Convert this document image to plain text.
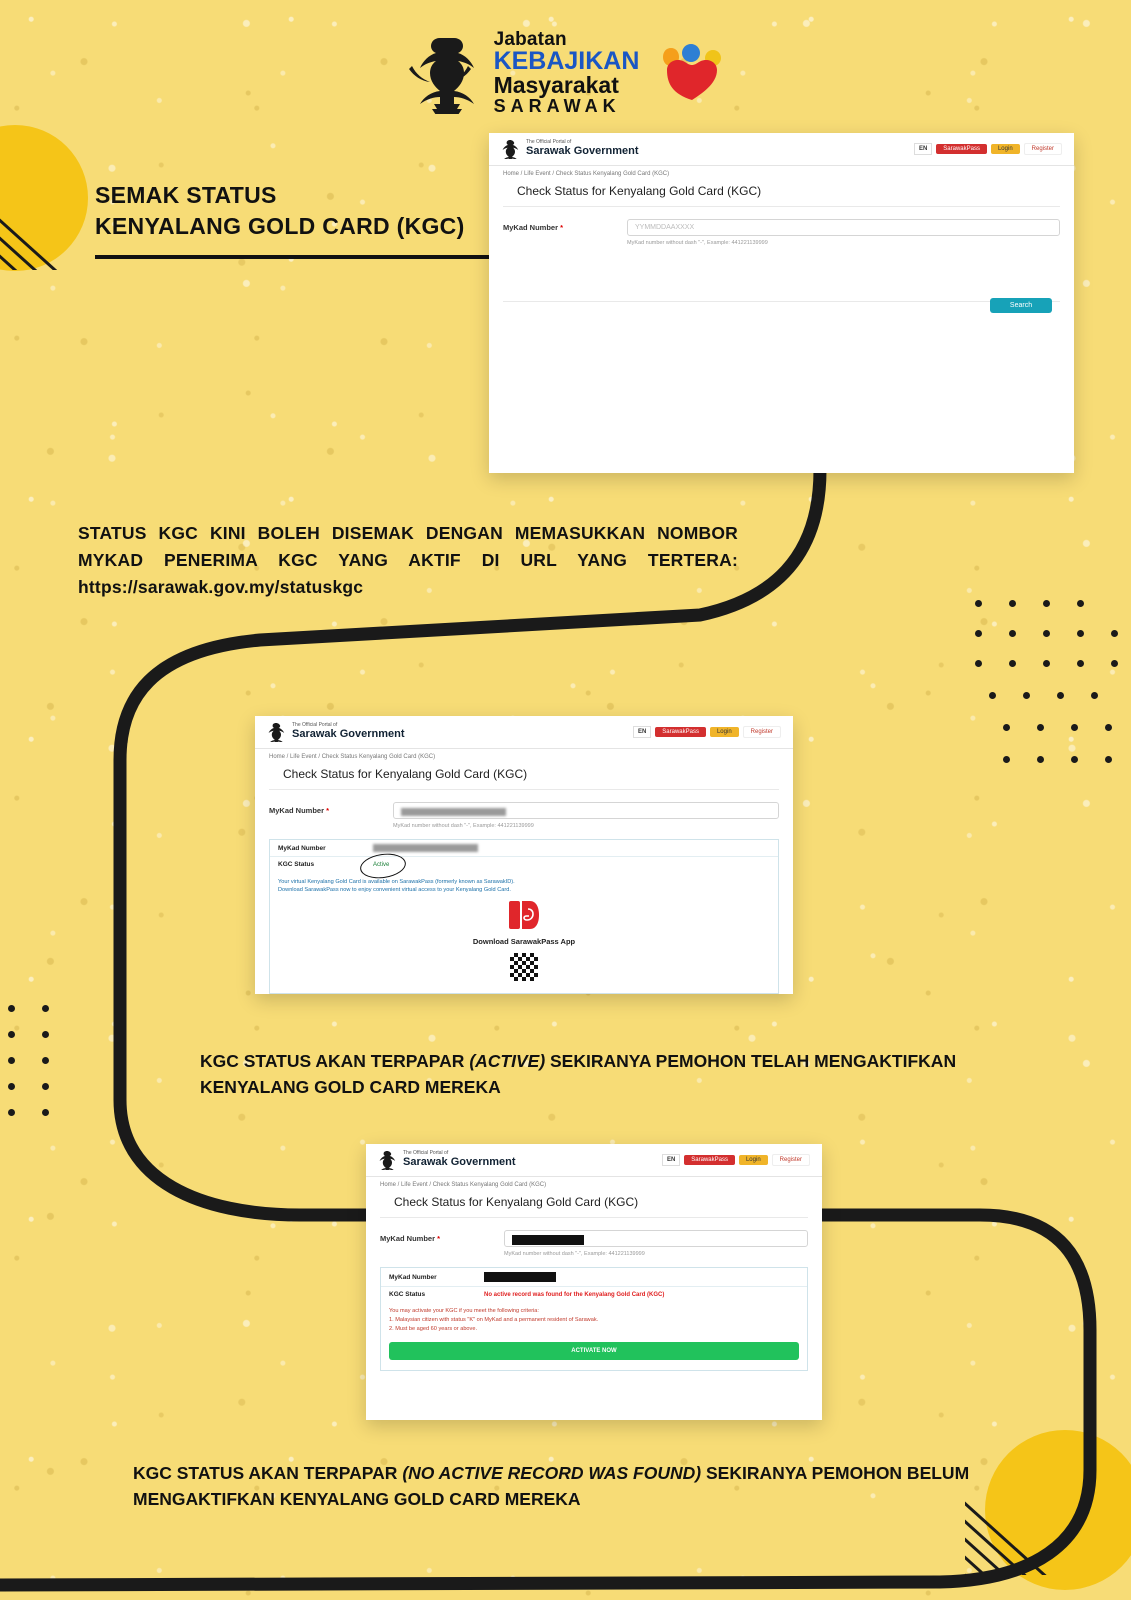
Jabatan
KEBAJIKAN
Masyarakat
SARAWAK
SEMAK STATUS
KENYALANG GOLD CARD (KGC)
The Official Portal of
Sarawak Government	EN	SarawakPass	Login	Register
Home / Life Event / Check Status Kenyalang Gold Card (KGC)
Check Status for Kenyalang Gold Card (KGC)
MyKad Number *	YYMMDDAAXXXX
MyKad number without dash "-", Example: 441221139999
Search
STATUS KGC KINI BOLEH DISEMAK DENGAN MEMASUKKAN NOMBOR MYKAD PENERIMA KGC YANG AKTIF DI URL YANG TERTERA: https://sarawak.gov.my/statuskgc
The Official Portal of
Sarawak Government	EN	SarawakPass	Login	Register
Home / Life Event / Check Status Kenyalang Gold Card (KGC)
Check Status for Kenyalang Gold Card (KGC)
MyKad Number *
MyKad number without dash "-", Example: 441221139999
MyKad Number
KGC Status	Active
Your virtual Kenyalang Gold Card is available on SarawakPass (formerly known as SarawakID).
Download SarawakPass now to enjoy convenient virtual access to your Kenyalang Gold Card.
Download SarawakPass App
KGC STATUS AKAN TERPAPAR (ACTIVE) SEKIRANYA PEMOHON TELAH MENGAKTIFKAN KENYALANG GOLD CARD MEREKA
The Official Portal of
Sarawak Government	EN	SarawakPass	Login	Register
Home / Life Event / Check Status Kenyalang Gold Card (KGC)
Check Status for Kenyalang Gold Card (KGC)
MyKad Number *
MyKad number without dash "-", Example: 441221139999
MyKad Number
KGC Status	No active record was found for the Kenyalang Gold Card (KGC)
You may activate your KGC if you meet the following criteria:
1. Malaysian citizen with status "K" on MyKad and a permanent resident of Sarawak.
2. Must be aged 60 years or above.
ACTIVATE NOW
KGC STATUS AKAN TERPAPAR (NO ACTIVE RECORD WAS FOUND) SEKIRANYA PEMOHON BELUM MENGAKTIFKAN KENYALANG GOLD CARD MEREKA
